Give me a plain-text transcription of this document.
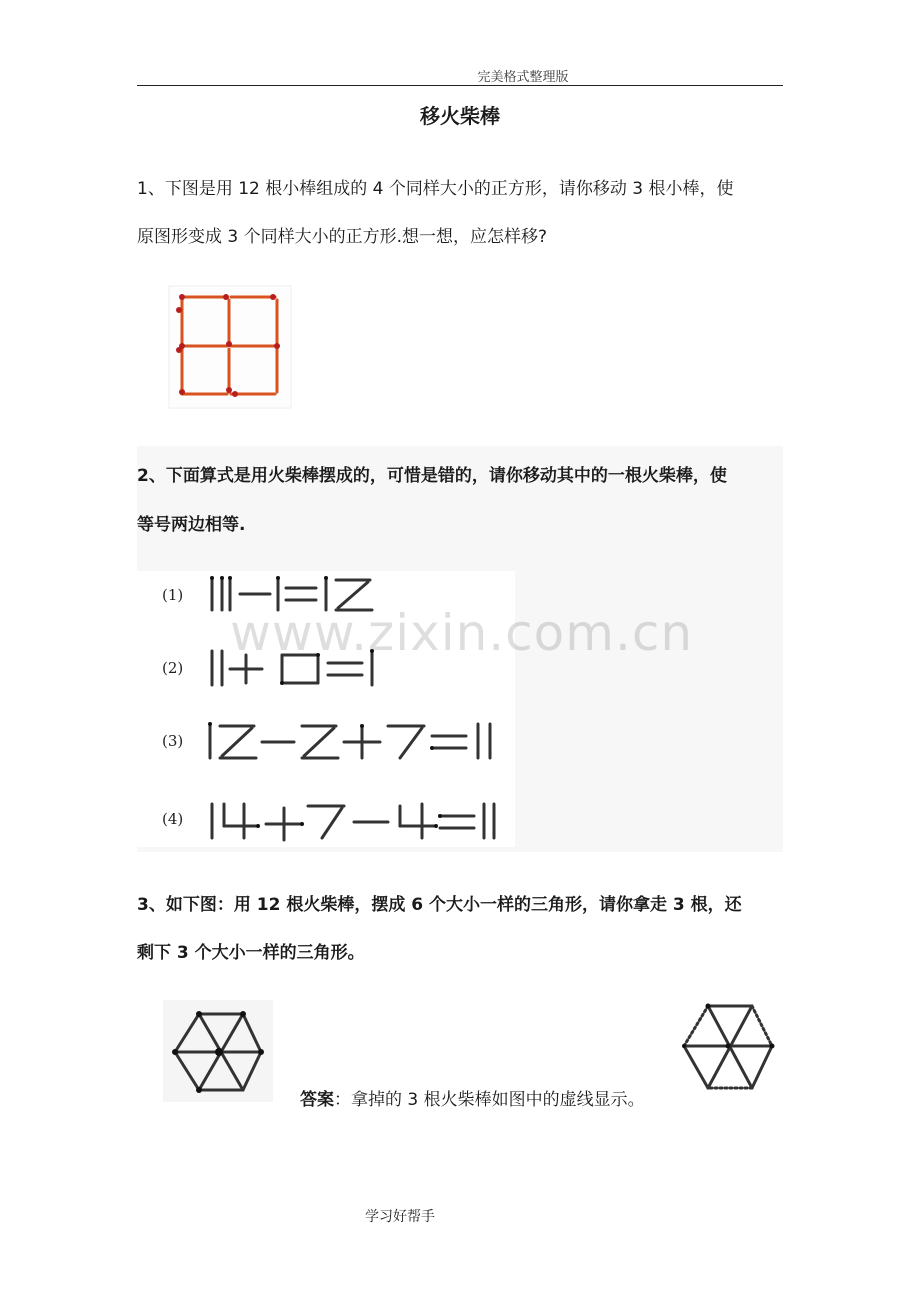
完美格式整理版
移火柴棒
1、下图是用 12 根小棒组成的 4 个同样大小的正方形，请你移动 3 根小棒，使
原图形变成 3 个同样大小的正方形.想一想，应怎样移?
2、下面算式是用火柴棒摆成的，可惜是错的，请你移动其中的一根火柴棒，使
等号两边相等.
(1)
(2)
(3)
(4)
www.zixin.com.cn
3、如下图：用 12 根火柴棒，摆成 6 个大小一样的三角形，请你拿走 3 根，还
剩下 3 个大小一样的三角形。
答案：拿掉的 3 根火柴棒如图中的虚线显示。
学习好帮手
